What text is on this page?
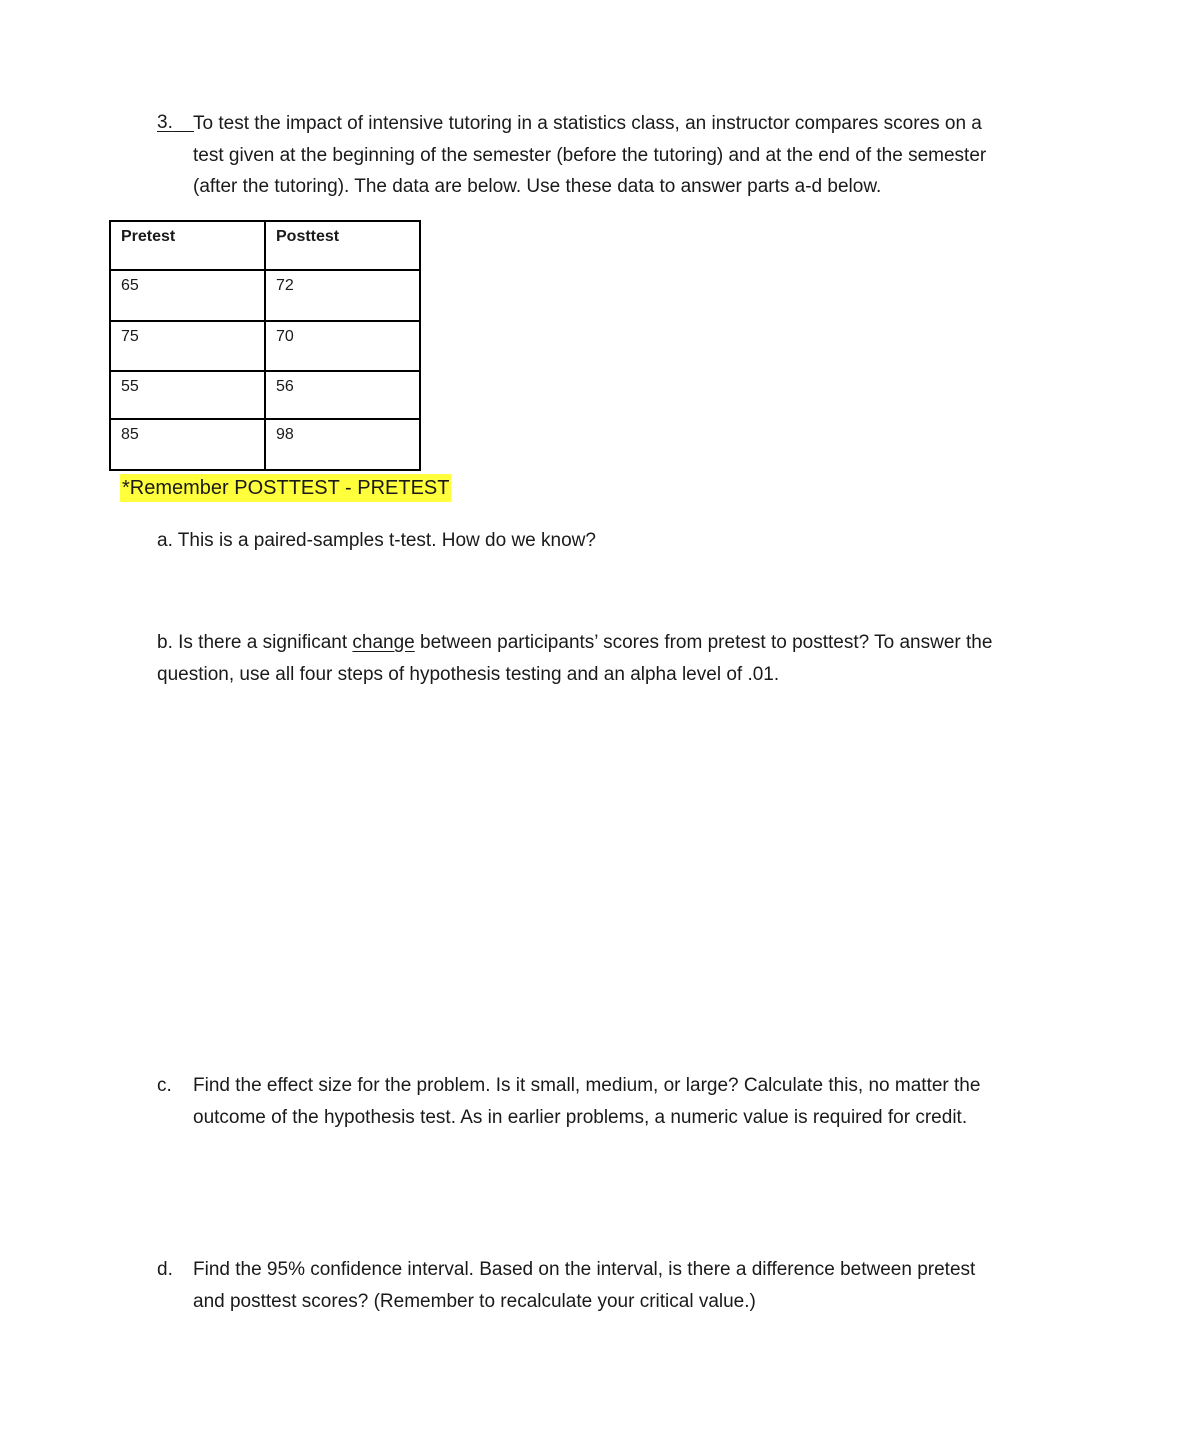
3.	To test the impact of intensive tutoring in a statistics class, an instructor compares scores on a
test given at the beginning of the semester (before the tutoring) and at the end of the semester
(after the tutoring). The data are below. Use these data to answer parts a-d below.
Pretest	Posttest
65	72
75	70
55	56
85	98
*Remember POSTTEST - PRETEST
a. This is a paired-samples t-test. How do we know?
b. Is there a significant change between participants’ scores from pretest to posttest? To answer the
question, use all four steps of hypothesis testing and an alpha level of .01.
c. Find the effect size for the problem. Is it small, medium, or large? Calculate this, no matter the
outcome of the hypothesis test. As in earlier problems, a numeric value is required for credit.
d. Find the 95% confidence interval. Based on the interval, is there a difference between pretest
and posttest scores? (Remember to recalculate your critical value.)
